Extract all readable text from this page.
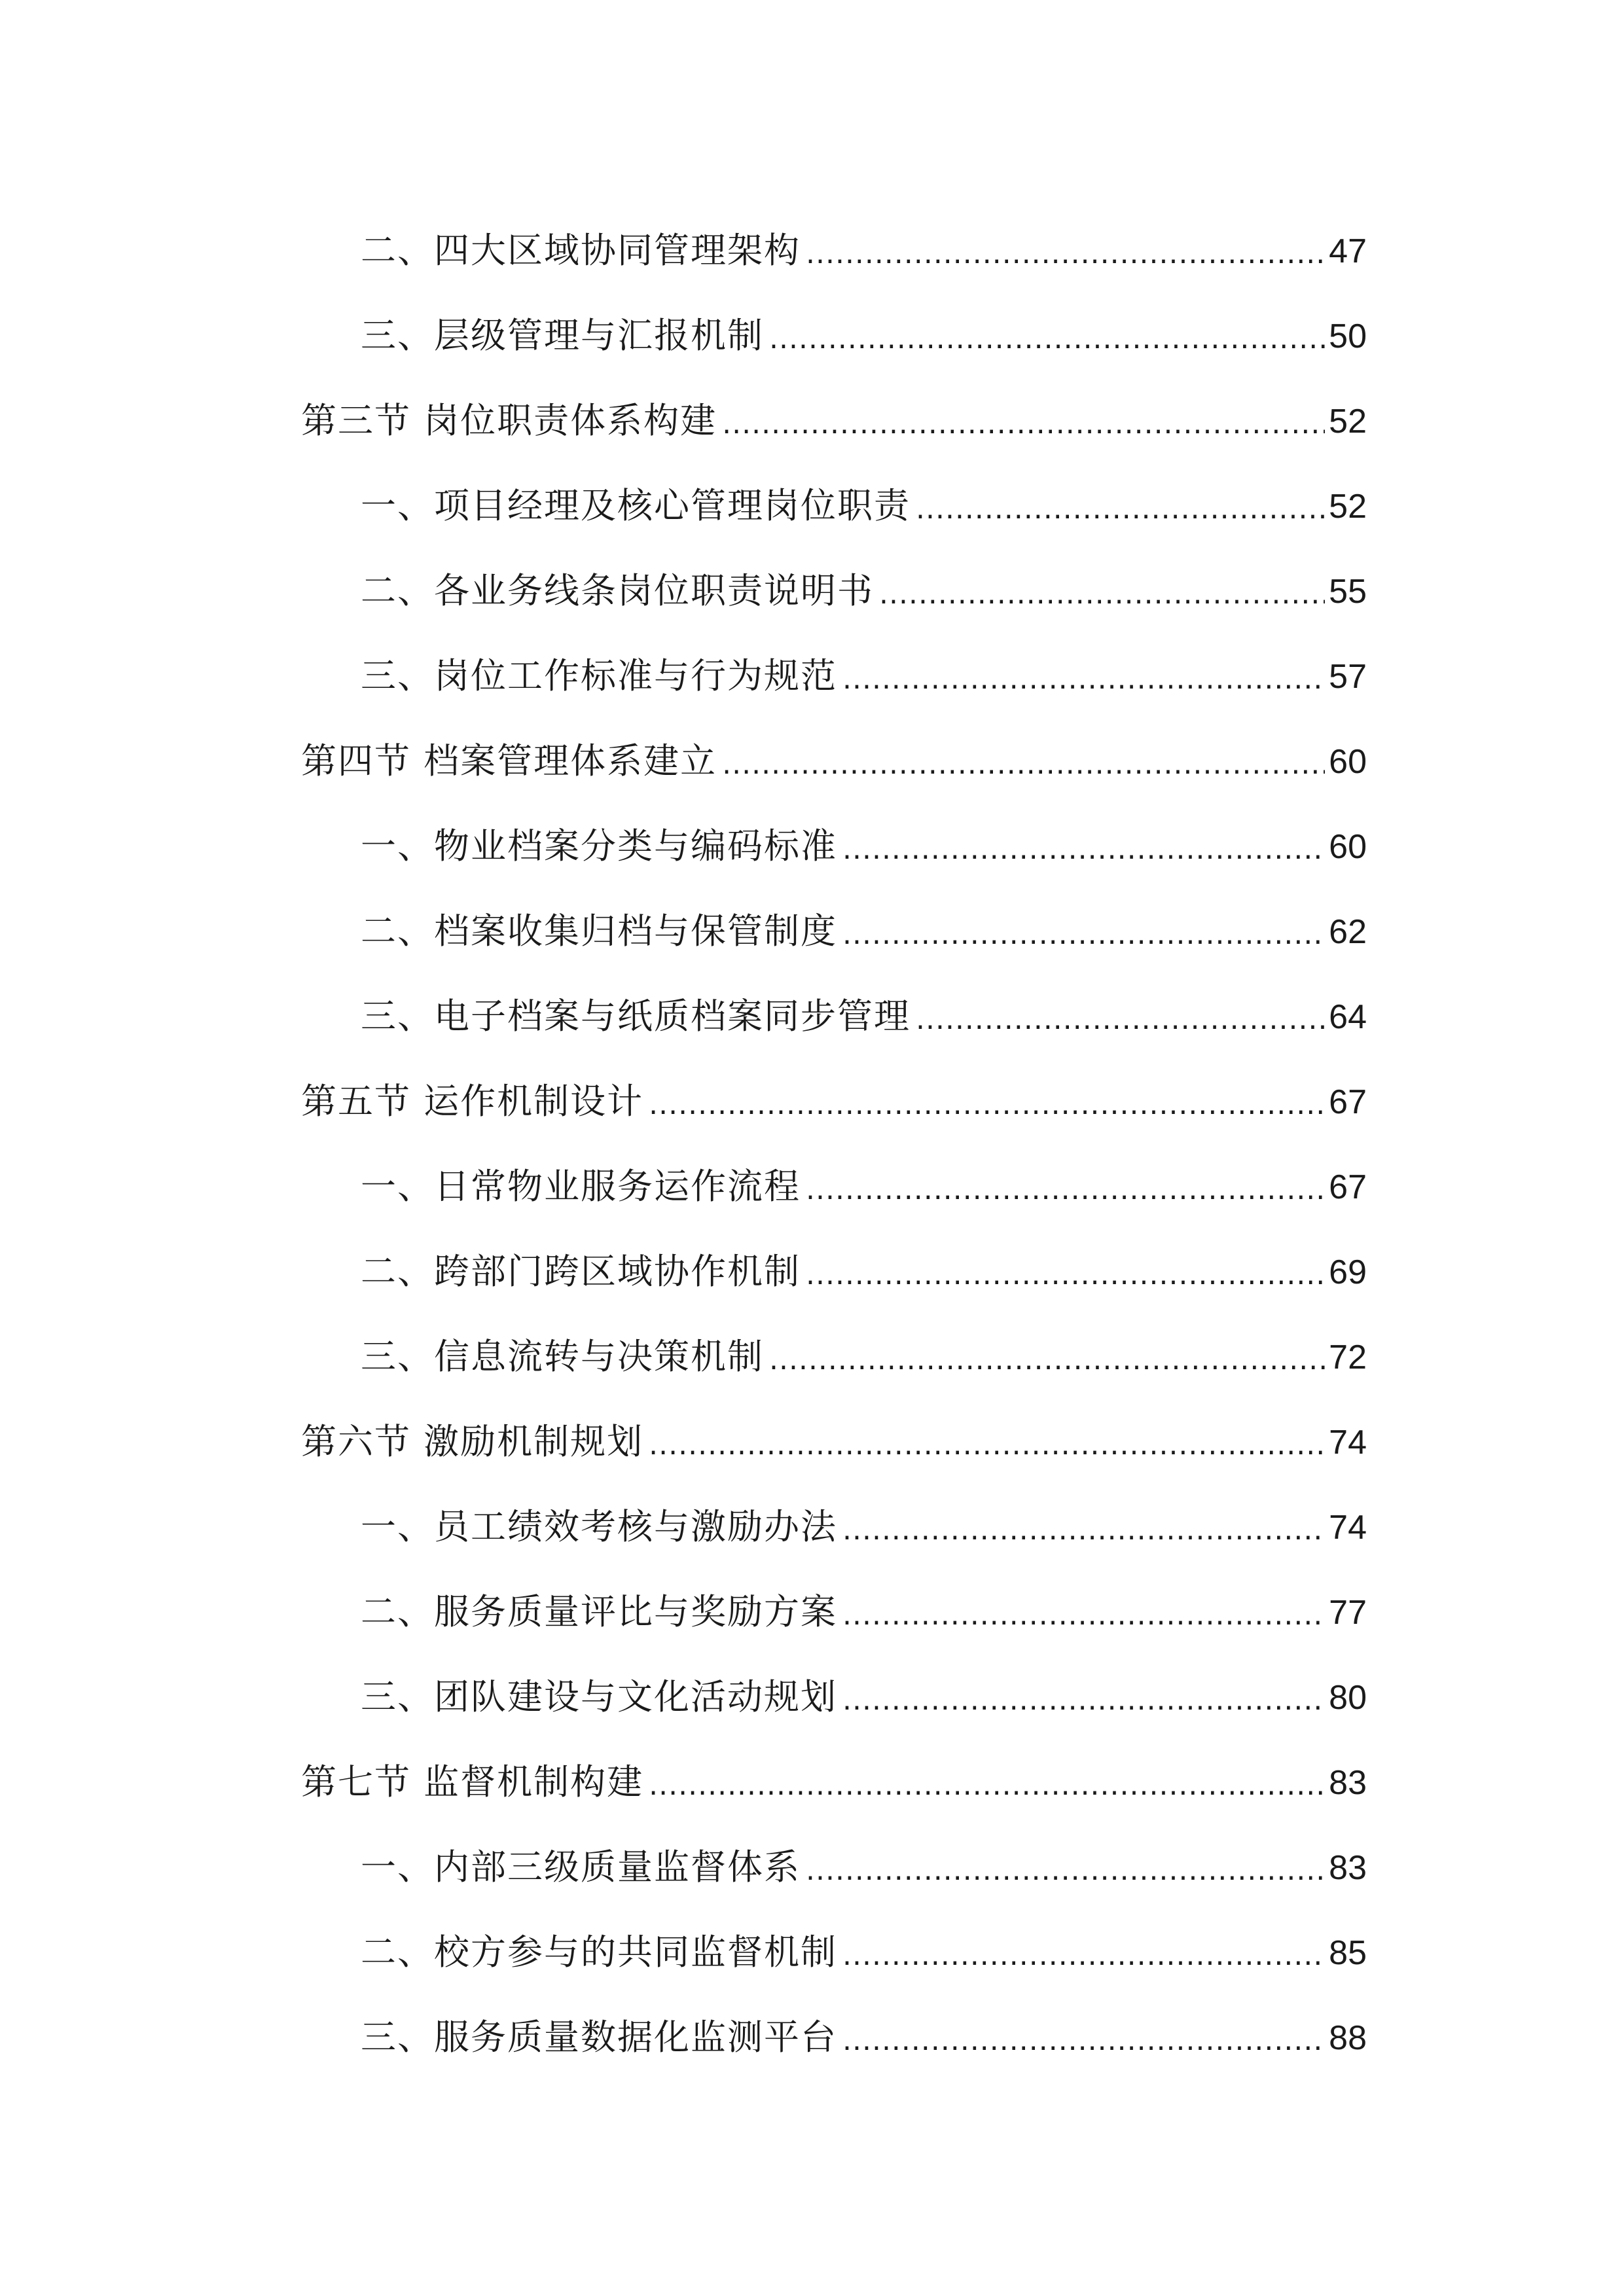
二、四大区域协同管理架构 .....	47
三、层级管理与汇报机制 .....	50
第三节 岗位职责体系构建 .....	52
一、项目经理及核心管理岗位职责 .....	52
二、各业务线条岗位职责说明书 .....	55
三、岗位工作标准与行为规范 .....	57
第四节 档案管理体系建立 .....	60
一、物业档案分类与编码标准 .....	60
二、档案收集归档与保管制度 .....	62
三、电子档案与纸质档案同步管理 .....	64
第五节 运作机制设计 .....	67
一、日常物业服务运作流程 .....	67
二、跨部门跨区域协作机制 .....	69
三、信息流转与决策机制 .....	72
第六节 激励机制规划 .....	74
一、员工绩效考核与激励办法 .....	74
二、服务质量评比与奖励方案 .....	77
三、团队建设与文化活动规划 .....	80
第七节 监督机制构建 .....	83
一、内部三级质量监督体系 .....	83
二、校方参与的共同监督机制 .....	85
三、服务质量数据化监测平台 .....	88
